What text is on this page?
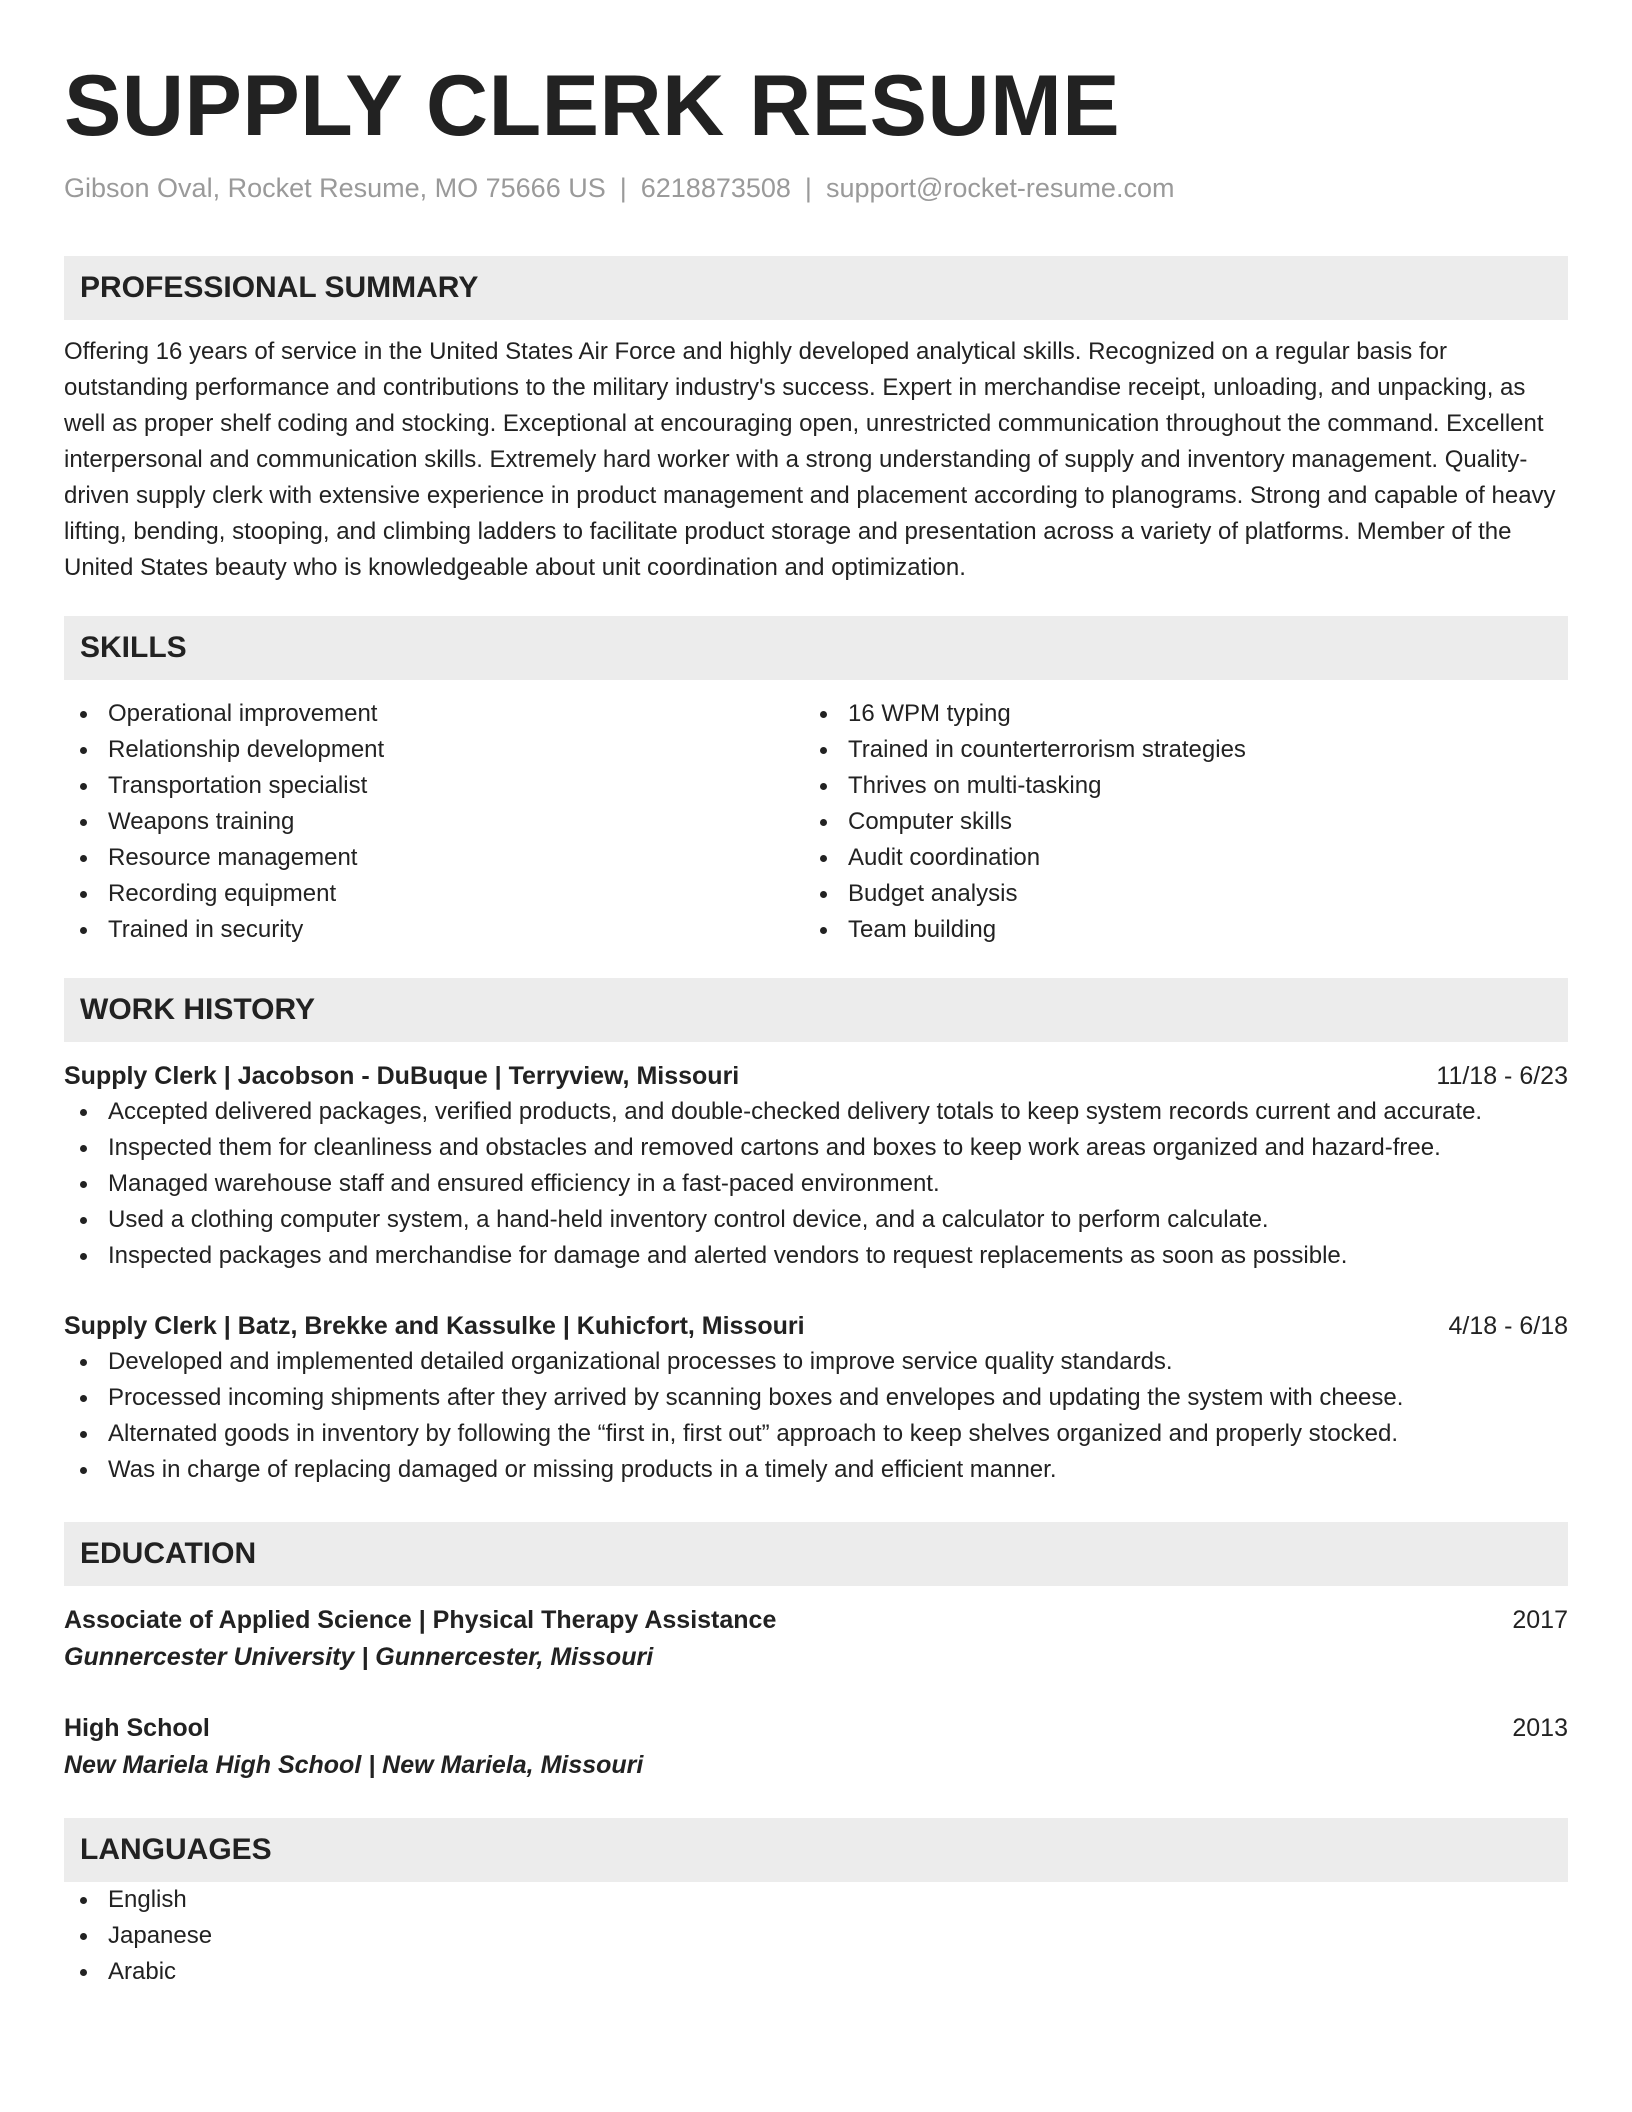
SUPPLY CLERK RESUME
Gibson Oval, Rocket Resume, MO 75666 US | 6218873508 | support@rocket-resume.com
PROFESSIONAL SUMMARY
Offering 16 years of service in the United States Air Force and highly developed analytical skills. Recognized on a regular basis for outstanding performance and contributions to the military industry's success. Expert in merchandise receipt, unloading, and unpacking, as well as proper shelf coding and stocking. Exceptional at encouraging open, unrestricted communication throughout the command. Excellent interpersonal and communication skills. Extremely hard worker with a strong understanding of supply and inventory management. Quality-driven supply clerk with extensive experience in product management and placement according to planograms. Strong and capable of heavy lifting, bending, stooping, and climbing ladders to facilitate product storage and presentation across a variety of platforms. Member of the United States beauty who is knowledgeable about unit coordination and optimization.
SKILLS
Operational improvement
Relationship development
Transportation specialist
Weapons training
Resource management
Recording equipment
Trained in security
16 WPM typing
Trained in counterterrorism strategies
Thrives on multi-tasking
Computer skills
Audit coordination
Budget analysis
Team building
WORK HISTORY
Supply Clerk | Jacobson - DuBuque | Terryview, Missouri	11/18 - 6/23
Accepted delivered packages, verified products, and double-checked delivery totals to keep system records current and accurate.
Inspected them for cleanliness and obstacles and removed cartons and boxes to keep work areas organized and hazard-free.
Managed warehouse staff and ensured efficiency in a fast-paced environment.
Used a clothing computer system, a hand-held inventory control device, and a calculator to perform calculate.
Inspected packages and merchandise for damage and alerted vendors to request replacements as soon as possible.
Supply Clerk | Batz, Brekke and Kassulke | Kuhicfort, Missouri	4/18 - 6/18
Developed and implemented detailed organizational processes to improve service quality standards.
Processed incoming shipments after they arrived by scanning boxes and envelopes and updating the system with cheese.
Alternated goods in inventory by following the “first in, first out” approach to keep shelves organized and properly stocked.
Was in charge of replacing damaged or missing products in a timely and efficient manner.
EDUCATION
Associate of Applied Science | Physical Therapy Assistance	2017
Gunnercester University | Gunnercester, Missouri
High School	2013
New Mariela High School | New Mariela, Missouri
LANGUAGES
English
Japanese
Arabic
